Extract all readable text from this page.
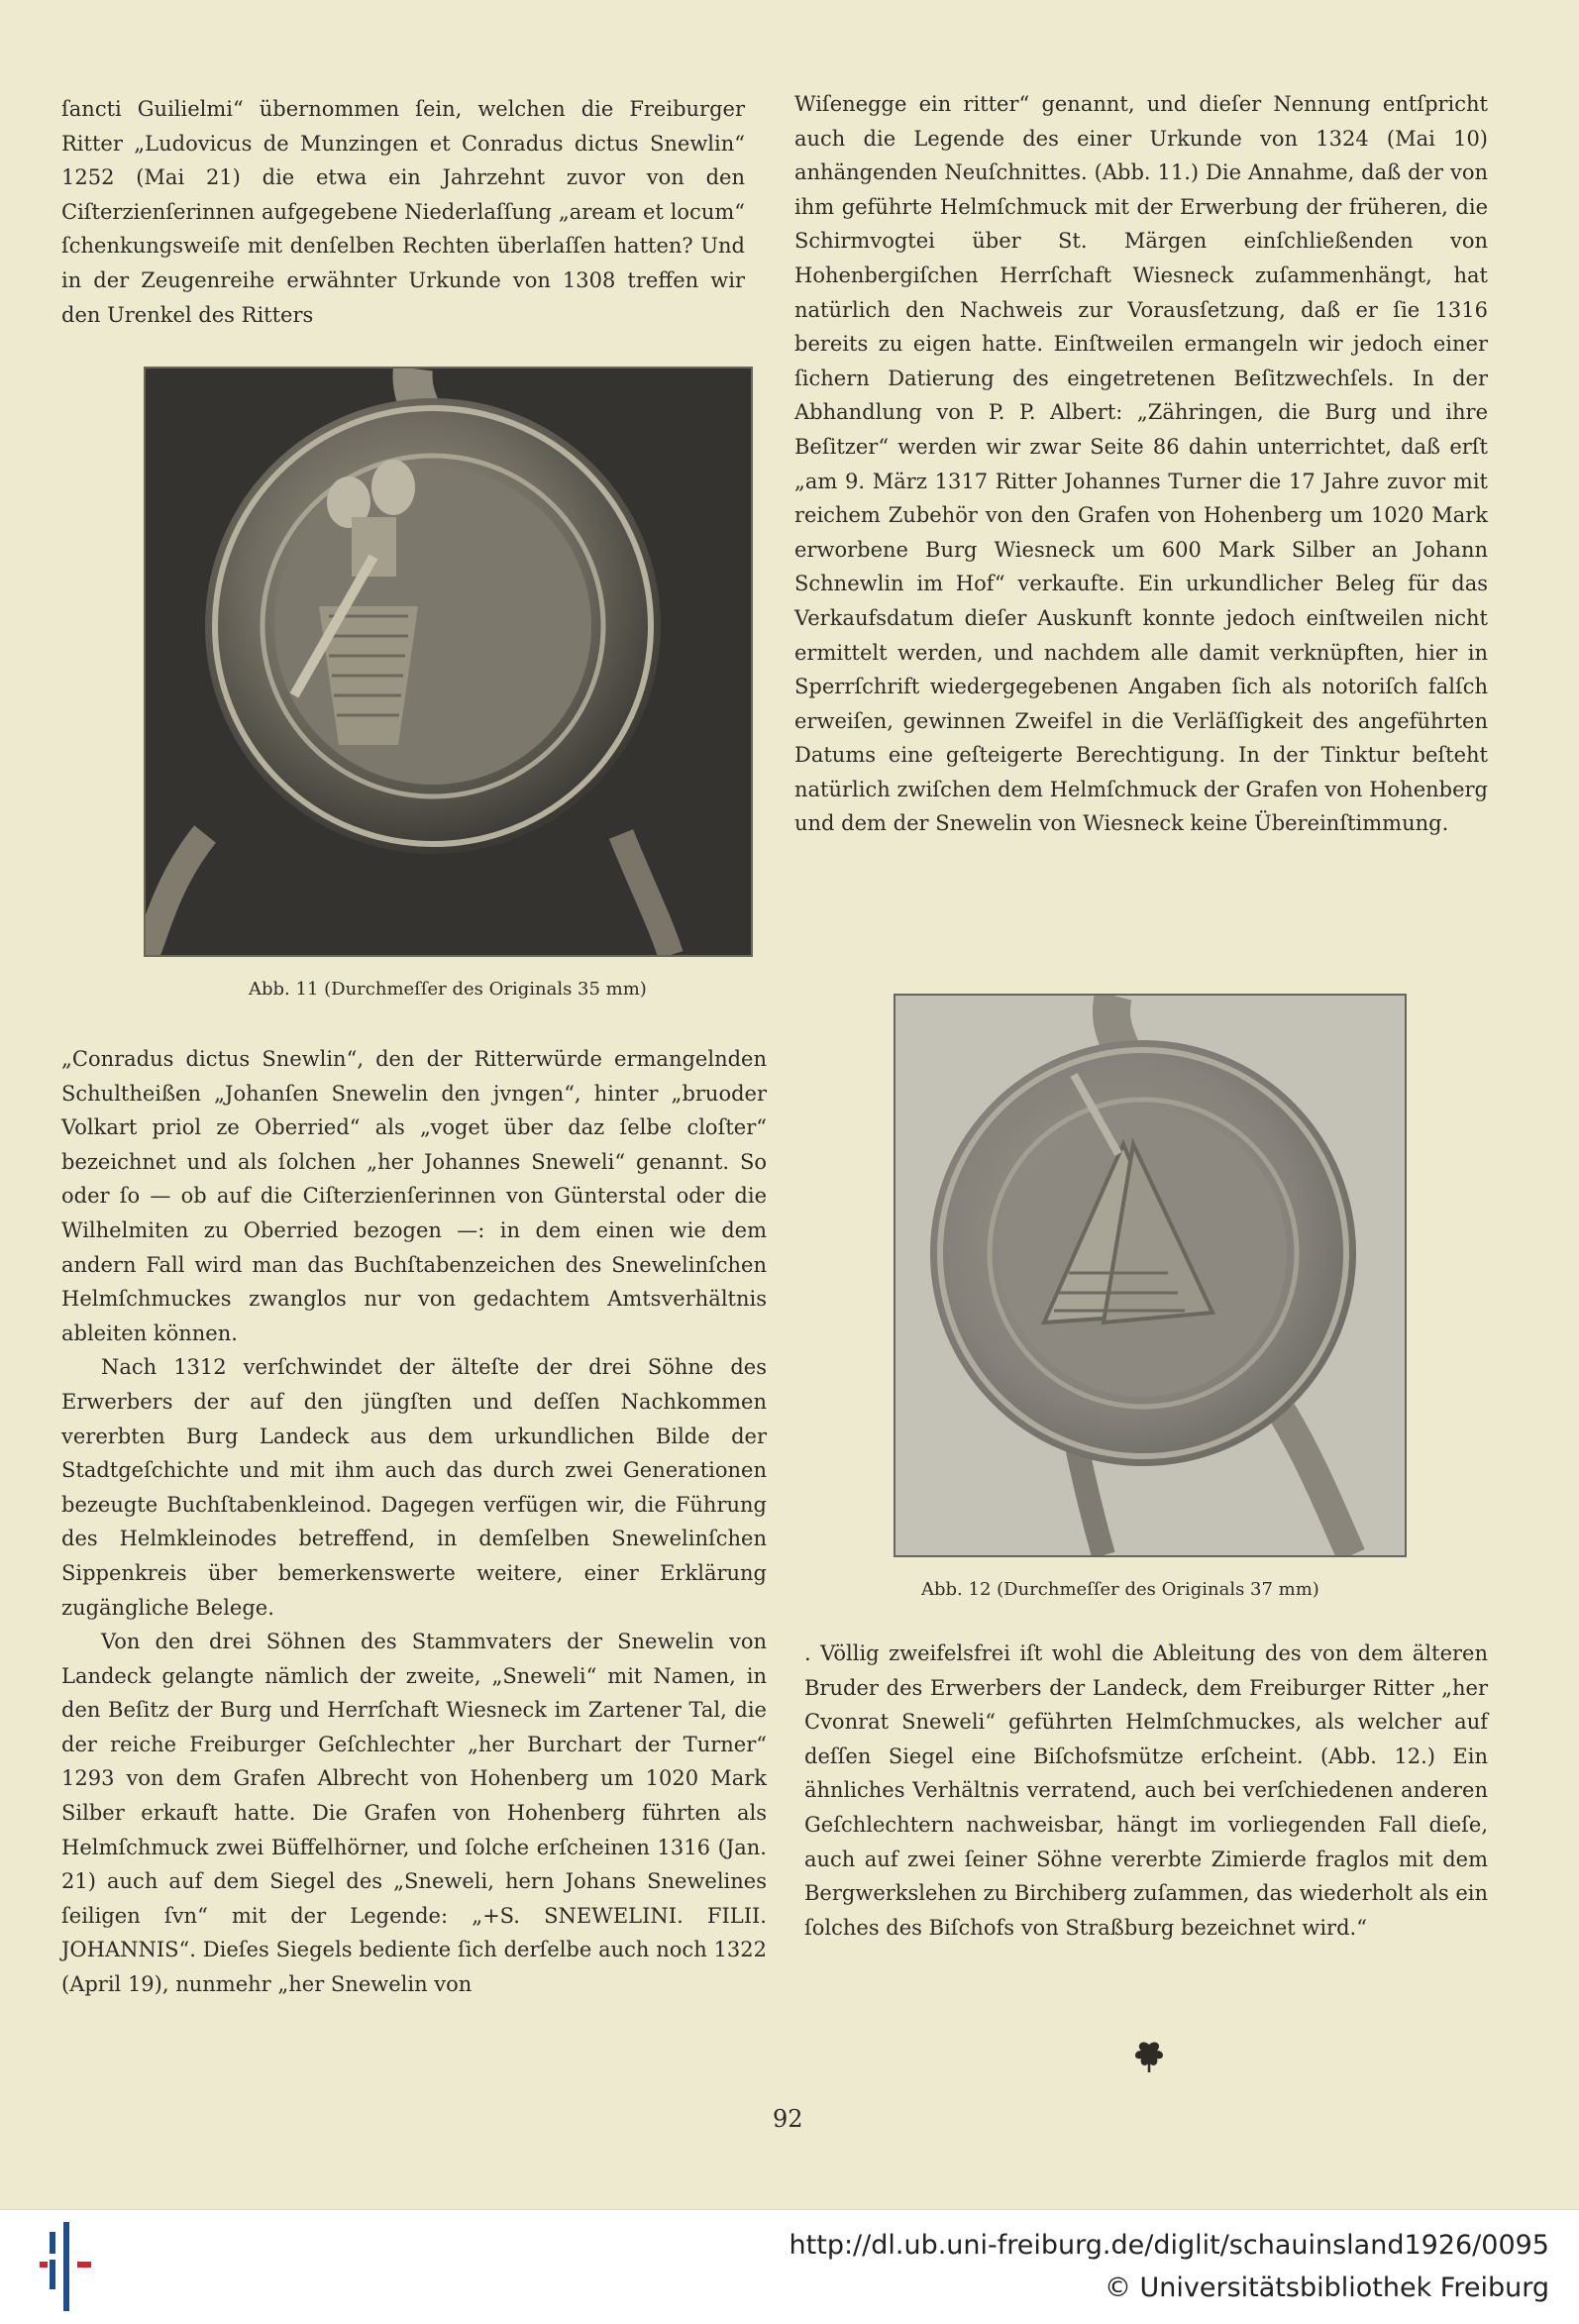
ſancti Guilielmi“ übernommen ſein, welchen die Freiburger Ritter „Ludovicus de Munzingen et Conradus dictus Snewlin“ 1252 (Mai 21) die etwa ein Jahrzehnt zuvor von den Ciſterzienſerinnen aufgegebene Niederlaſſung „aream et locum“ ſchenkungsweiſe mit denſelben Rechten überlaſſen hatten? Und in der Zeugenreihe erwähnter Urkunde von 1308 treffen wir den Urenkel des Ritters

Abb. 11 (Durchmeſſer des Originals 35 mm)

„Conradus dictus Snewlin“, den der Ritterwürde ermangelnden Schultheißen „Johanſen Snewelin den jvngen“, hinter „bruoder Volkart priol ze Oberried“ als „voget über daz ſelbe cloſter“ bezeichnet und als ſolchen „her Johannes Sneweli“ genannt. So oder ſo — ob auf die Ciſterzienſerinnen von Günterstal oder die Wilhelmiten zu Oberried bezogen —: in dem einen wie dem andern Fall wird man das Buchſtabenzeichen des Snewelinſchen Helmſchmuckes zwanglos nur von gedachtem Amtsverhältnis ableiten können.

Nach 1312 verſchwindet der älteſte der drei Söhne des Erwerbers der auf den jüngſten und deſſen Nachkommen vererbten Burg Landeck aus dem urkundlichen Bilde der Stadtgeſchichte und mit ihm auch das durch zwei Generationen bezeugte Buchſtabenkleinod. Dagegen verfügen wir, die Führung des Helmkleinodes betreffend, in demſelben Snewelinſchen Sippenkreis über bemerkenswerte weitere, einer Erklärung zugängliche Belege.

Von den drei Söhnen des Stammvaters der Snewelin von Landeck gelangte nämlich der zweite, „Sneweli“ mit Namen, in den Beſitz der Burg und Herrſchaft Wiesneck im Zartener Tal, die der reiche Freiburger Geſchlechter „her Burchart der Turner“ 1293 von dem Grafen Albrecht von Hohenberg um 1020 Mark Silber erkauft hatte. Die Grafen von Hohenberg führten als Helmſchmuck zwei Büffelhörner, und ſolche erſcheinen 1316 (Jan. 21) auch auf dem Siegel des „Sneweli, hern Johans Snewelines ſeiligen ſvn“ mit der Legende: „+S. SNEWELINI. FILII. JOHANNIS“. Dieſes Siegels bediente ſich derſelbe auch noch 1322 (April 19), nunmehr „her Snewelin von

Wiſenegge ein ritter“ genannt, und dieſer Nennung entſpricht auch die Legende des einer Urkunde von 1324 (Mai 10) anhängenden Neuſchnittes. (Abb. 11.) Die Annahme, daß der von ihm geführte Helmſchmuck mit der Erwerbung der früheren, die Schirmvogtei über St. Märgen einſchließenden von Hohenbergiſchen Herrſchaft Wiesneck zuſammenhängt, hat natürlich den Nachweis zur Vorausſetzung, daß er ſie 1316 bereits zu eigen hatte. Einſtweilen ermangeln wir jedoch einer ſichern Datierung des eingetretenen Beſitzwechſels. In der Abhandlung von P. P. Albert: „Zähringen, die Burg und ihre Beſitzer“ werden wir zwar Seite 86 dahin unterrichtet, daß erſt „am 9. März 1317 Ritter Johannes Turner die 17 Jahre zuvor mit reichem Zubehör von den Grafen von Hohenberg um 1020 Mark erworbene Burg Wiesneck um 600 Mark Silber an Johann Schnewlin im Hof“ verkaufte. Ein urkundlicher Beleg für das Verkaufsdatum dieſer Auskunft konnte jedoch einſtweilen nicht ermittelt werden, und nachdem alle damit verknüpften, hier in Sperrſchrift wiedergegebenen Angaben ſich als notoriſch falſch erweiſen, gewinnen Zweifel in die Verläſſigkeit des angeführten Datums eine geſteigerte Berechtigung. In der Tinktur beſteht natürlich zwiſchen dem Helmſchmuck der Grafen von Hohenberg und dem der Snewelin von Wiesneck keine Übereinſtimmung.

Abb. 12 (Durchmeſſer des Originals 37 mm)

. Völlig zweifelsfrei iſt wohl die Ableitung des von dem älteren Bruder des Erwerbers der Landeck, dem Freiburger Ritter „her Cvonrat Sneweli“ geführten Helmſchmuckes, als welcher auf deſſen Siegel eine Biſchofsmütze erſcheint. (Abb. 12.) Ein ähnliches Verhältnis verratend, auch bei verſchiedenen anderen Geſchlechtern nachweisbar, hängt im vorliegenden Fall dieſe, auch auf zwei ſeiner Söhne vererbte Zimierde fraglos mit dem Bergwerkslehen zu Birchiberg zuſammen, das wiederholt als ein ſolches des Biſchofs von Straßburg bezeichnet wird.“

92
http://dl.ub.uni-freiburg.de/diglit/schauinsland1926/0095
© Universitätsbibliothek Freiburg
